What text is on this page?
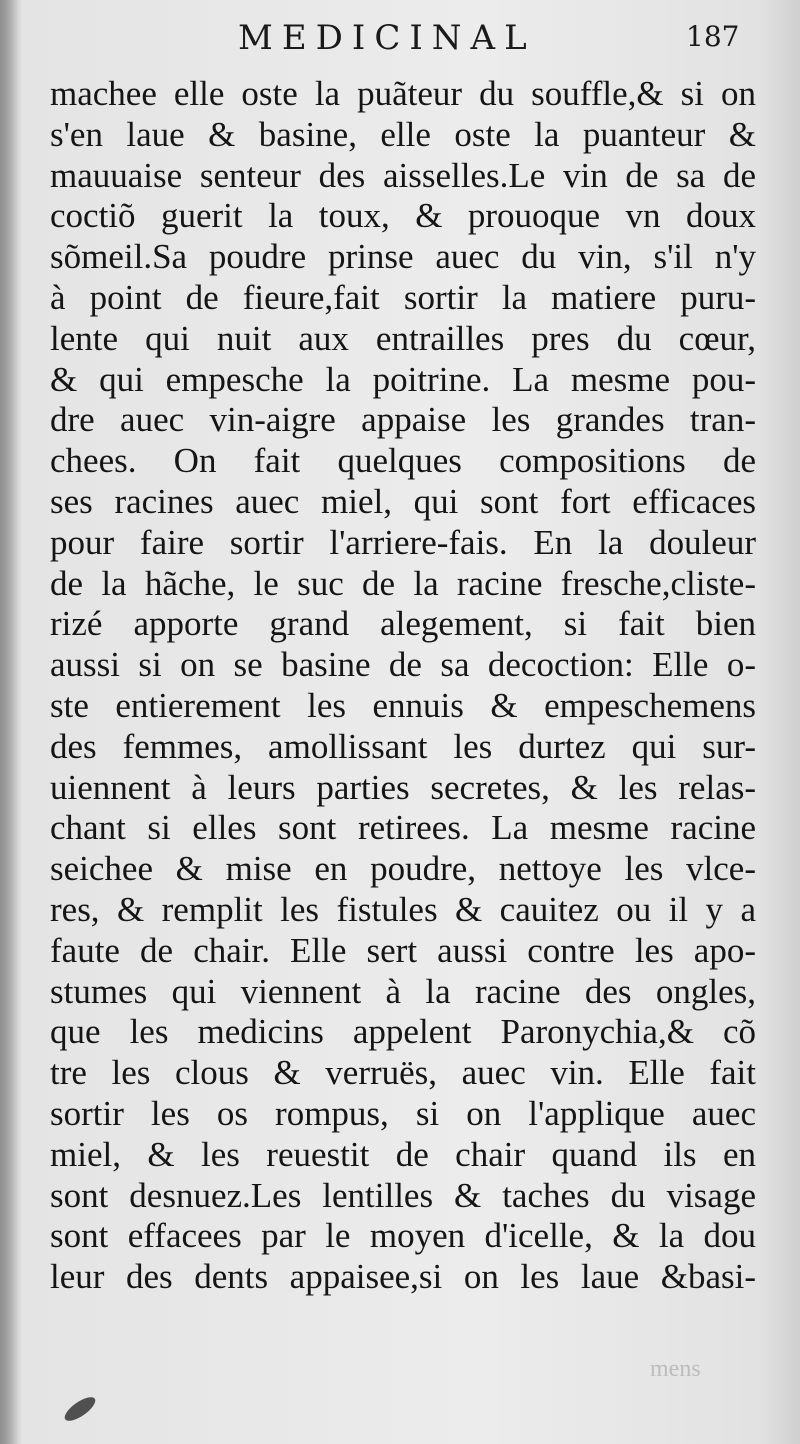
MEDICINAL	187
machee elle oste la puãteur du souffle,& si on
s'en laue & basine, elle oste la puanteur &
mauuaise senteur des aisselles.Le vin de sa de
coctiõ guerit la toux, & prouoque vn doux
sõmeil.Sa poudre prinse auec du vin, s'il n'y
à point de fieure,fait sortir la matiere puru-
lente qui nuit aux entrailles pres du cœur,
& qui empesche la poitrine. La mesme pou-
dre auec vin-aigre appaise les grandes tran-
chees. On fait quelques compositions de
ses racines auec miel, qui sont fort efficaces
pour faire sortir l'arriere-fais. En la douleur
de la hãche, le suc de la racine fresche,cliste-
rizé apporte grand alegement, si fait bien
aussi si on se basine de sa decoction: Elle o-
ste entierement les ennuis & empeschemens
des femmes, amollissant les durtez qui sur-
uiennent à leurs parties secretes, & les relas-
chant si elles sont retirees. La mesme racine
seichee & mise en poudre, nettoye les vlce-
res, & remplit les fistules & cauitez ou il y a
faute de chair. Elle sert aussi contre les apo-
stumes qui viennent à la racine des ongles,
que les medicins appelent Paronychia,& cõ
tre les clous & verruës, auec vin. Elle fait
sortir les os rompus, si on l'applique auec
miel, & les reuestit de chair quand ils en
sont desnuez.Les lentilles & taches du visage
sont effacees par le moyen d'icelle, & la dou
leur des dents appaisee,si on les laue &basi-
mens
